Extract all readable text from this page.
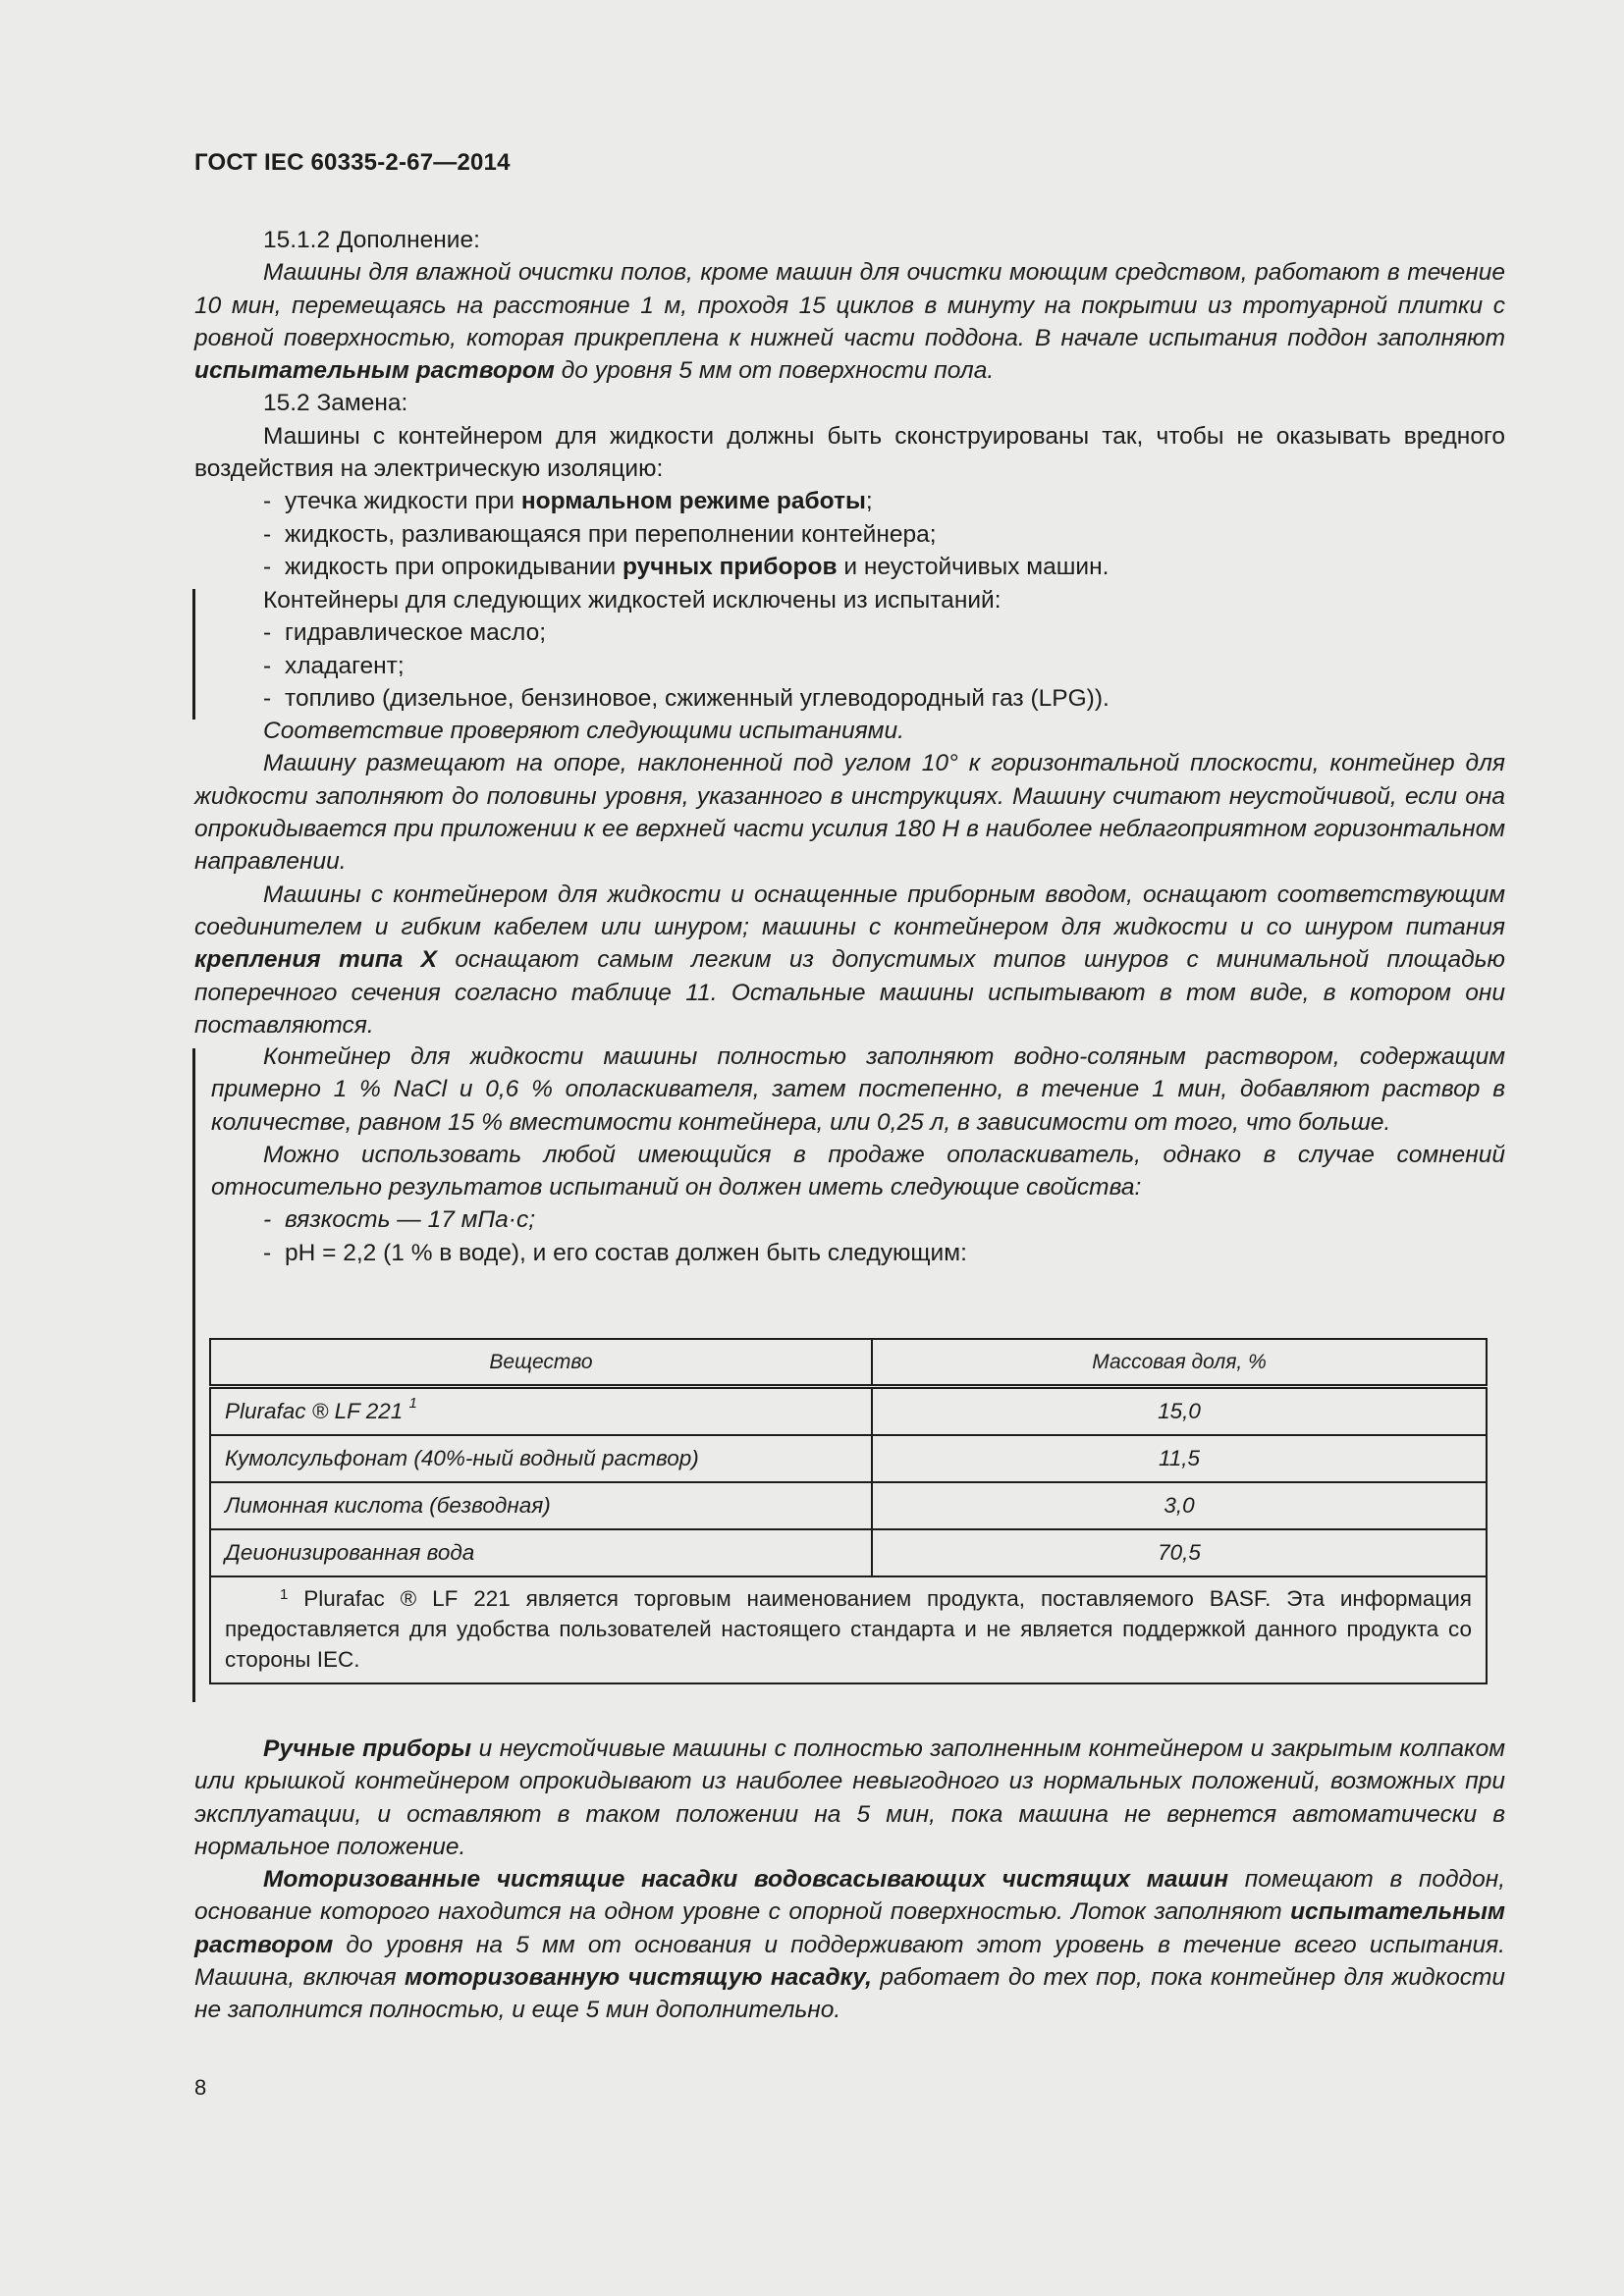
ГОСТ IEC 60335-2-67—2014

15.1.2 Дополнение:

Машины для влажной очистки полов, кроме машин для очистки моющим средством, работают в течение 10 мин, перемещаясь на расстояние 1 м, проходя 15 циклов в минуту на покрытии из тротуарной плитки с ровной поверхностью, которая прикреплена к нижней части поддона. В начале испытания поддон заполняют испытательным раствором до уровня 5 мм от поверхности пола.

15.2 Замена:

Машины с контейнером для жидкости должны быть сконструированы так, чтобы не оказывать вредного воздействия на электрическую изоляцию:

- утечка жидкости при нормальном режиме работы;

- жидкость, разливающаяся при переполнении контейнера;

- жидкость при опрокидывании ручных приборов и неустойчивых машин.

Контейнеры для следующих жидкостей исключены из испытаний:

- гидравлическое масло;

- хладагент;

- топливо (дизельное, бензиновое, сжиженный углеводородный газ (LPG)).

Соответствие проверяют следующими испытаниями.

Машину размещают на опоре, наклоненной под углом 10° к горизонтальной плоскости, контейнер для жидкости заполняют до половины уровня, указанного в инструкциях. Машину считают неустойчивой, если она опрокидывается при приложении к ее верхней части усилия 180 Н в наиболее неблагоприятном горизонтальном направлении.

Машины с контейнером для жидкости и оснащенные приборным вводом, оснащают соответствующим соединителем и гибким кабелем или шнуром; машины с контейнером для жидкости и со шнуром питания крепления типа X оснащают самым легким из допустимых типов шнуров с минимальной площадью поперечного сечения согласно таблице 11. Остальные машины испытывают в том виде, в котором они поставляются.

Контейнер для жидкости машины полностью заполняют водно-соляным раствором, содержащим примерно 1 % NaCl и 0,6 % ополаскивателя, затем постепенно, в течение 1 мин, добавляют раствор в количестве, равном 15 % вместимости контейнера, или 0,25 л, в зависимости от того, что больше.

Можно использовать любой имеющийся в продаже ополаскиватель, однако в случае сомнений относительно результатов испытаний он должен иметь следующие свойства:

- вязкость — 17 мПа·с;

- pH = 2,2 (1 % в воде), и его состав должен быть следующим:

Вещество	Массовая доля, %
Plurafac ® LF 221 $^1$	15,0
Кумолсульфонат (40%-ный водный раствор)	11,5
Лимонная кислота (безводная)	3,0
Деионизированная вода	70,5
$^1$ Plurafac ® LF 221 является торговым наименованием продукта, поставляемого BASF. Эта информация предоставляется для удобства пользователей настоящего стандарта и не является поддержкой данного продукта со стороны IEC.	

Ручные приборы и неустойчивые машины с полностью заполненным контейнером и закрытым колпаком или крышкой контейнером опрокидывают из наиболее невыгодного из нормальных положений, возможных при эксплуатации, и оставляют в таком положении на 5 мин, пока машина не вернется автоматически в нормальное положение.

Моторизованные чистящие насадки водовсасывающих чистящих машин помещают в поддон, основание которого находится на одном уровне с опорной поверхностью. Лоток заполняют испытательным раствором до уровня на 5 мм от основания и поддерживают этот уровень в течение всего испытания. Машина, включая моторизованную чистящую насадку, работает до тех пор, пока контейнер для жидкости не заполнится полностью, и еще 5 мин дополнительно.

8
